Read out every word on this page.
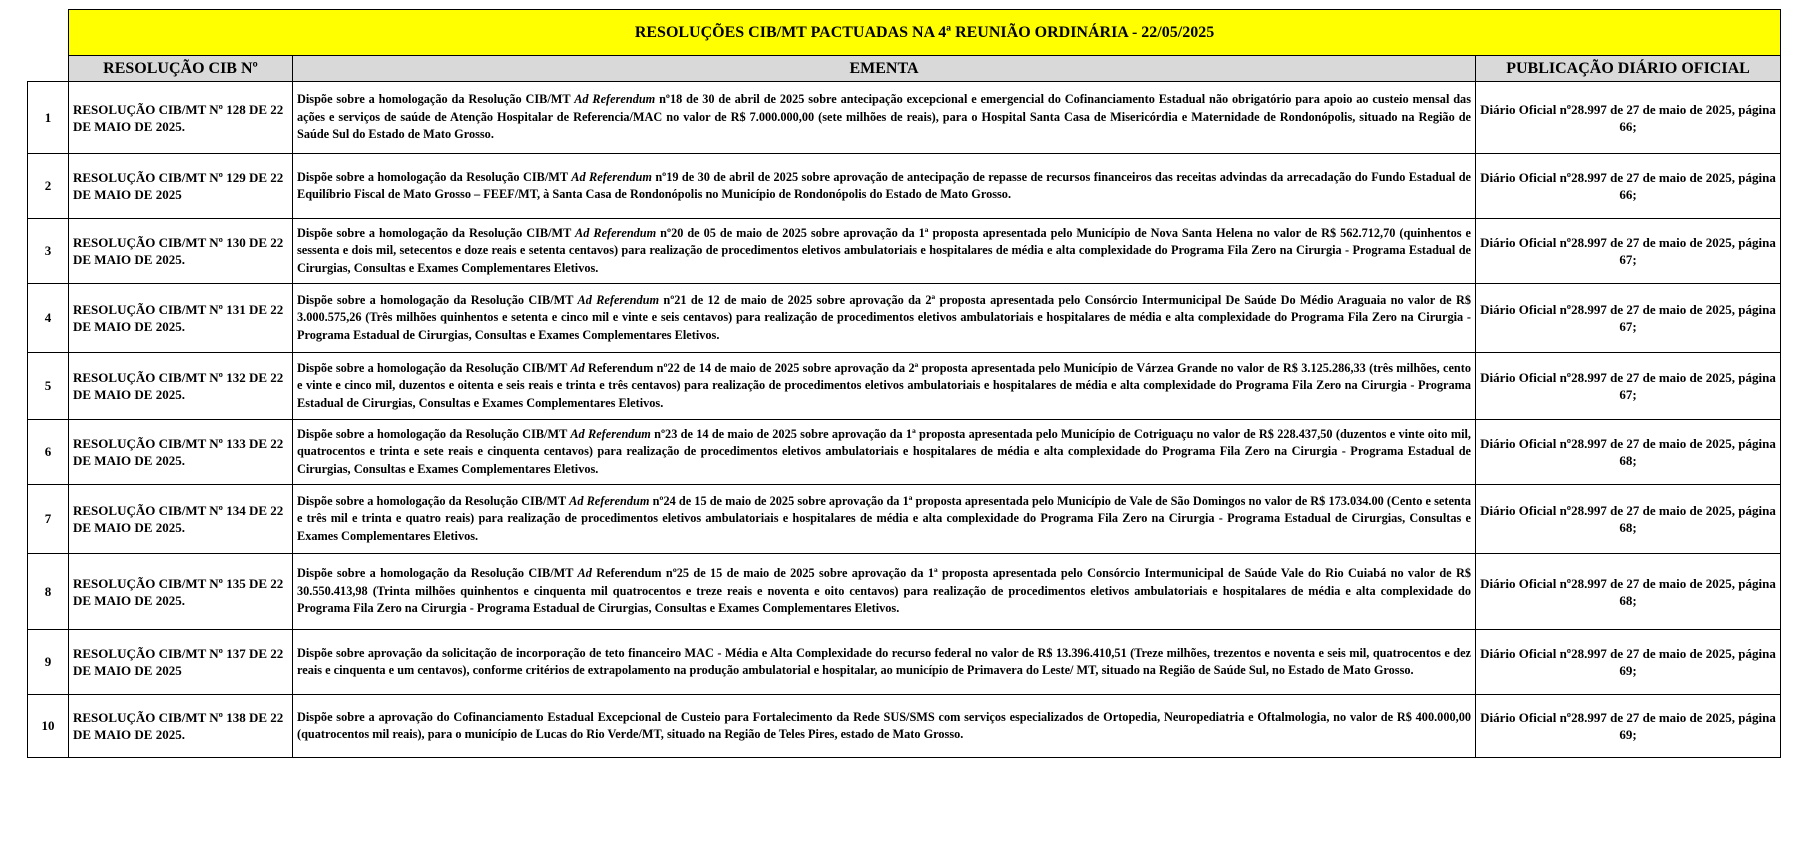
	RESOLUÇÕES CIB/MT PACTUADAS NA 4ª REUNIÃO ORDINÁRIA - 22/05/2025		
	RESOLUÇÃO CIB Nº	EMENTA	PUBLICAÇÃO DIÁRIO OFICIAL
1	RESOLUÇÃO CIB/MT Nº 128 DE 22 DE MAIO DE 2025.	Dispõe sobre a homologação da Resolução CIB/MT Ad Referendum nº18 de 30 de abril de 2025 sobre antecipação excepcional e emergencial do Cofinanciamento Estadual não obrigatório para apoio ao custeio mensal das ações e serviços de saúde de Atenção Hospitalar de Referencia/MAC no valor de R$ 7.000.000,00 (sete milhões de reais), para o Hospital Santa Casa de Misericórdia e Maternidade de Rondonópolis, situado na Região de Saúde Sul do Estado de Mato Grosso.	Diário Oficial nº28.997 de 27 de maio de 2025, página 66;
2	RESOLUÇÃO CIB/MT Nº 129 DE 22 DE MAIO DE 2025	Dispõe sobre a homologação da Resolução CIB/MT Ad Referendum nº19 de 30 de abril de 2025 sobre aprovação de antecipação de repasse de recursos financeiros das receitas advindas da arrecadação do Fundo Estadual de Equilíbrio Fiscal de Mato Grosso – FEEF/MT, à Santa Casa de Rondonópolis no Município de Rondonópolis do Estado de Mato Grosso.	Diário Oficial nº28.997 de 27 de maio de 2025, página 66;
3	RESOLUÇÃO CIB/MT Nº 130 DE 22 DE MAIO DE 2025.	Dispõe sobre a homologação da Resolução CIB/MT Ad Referendum nº20 de 05 de maio de 2025 sobre aprovação da 1ª proposta apresentada pelo Município de Nova Santa Helena no valor de R$ 562.712,70 (quinhentos e sessenta e dois mil, setecentos e doze reais e setenta centavos) para realização de procedimentos eletivos ambulatoriais e hospitalares de média e alta complexidade do Programa Fila Zero na Cirurgia - Programa Estadual de Cirurgias, Consultas e Exames Complementares Eletivos.	Diário Oficial nº28.997 de 27 de maio de 2025, página 67;
4	RESOLUÇÃO CIB/MT Nº 131 DE 22 DE MAIO DE 2025.	Dispõe sobre a homologação da Resolução CIB/MT Ad Referendum nº21 de 12 de maio de 2025 sobre aprovação da 2ª proposta apresentada pelo Consórcio Intermunicipal De Saúde Do Médio Araguaia no valor de R$ 3.000.575,26 (Três milhões quinhentos e setenta e cinco mil e vinte e seis centavos) para realização de procedimentos eletivos ambulatoriais e hospitalares de média e alta complexidade do Programa Fila Zero na Cirurgia - Programa Estadual de Cirurgias, Consultas e Exames Complementares Eletivos.	Diário Oficial nº28.997 de 27 de maio de 2025, página 67;
5	RESOLUÇÃO CIB/MT Nº 132 DE 22 DE MAIO DE 2025.	Dispõe sobre a homologação da Resolução CIB/MT Ad Referendum nº22 de 14 de maio de 2025 sobre aprovação da 2ª proposta apresentada pelo Município de Várzea Grande no valor de R$ 3.125.286,33 (três milhões, cento e vinte e cinco mil, duzentos e oitenta e seis reais e trinta e três centavos) para realização de procedimentos eletivos ambulatoriais e hospitalares de média e alta complexidade do Programa Fila Zero na Cirurgia - Programa Estadual de Cirurgias, Consultas e Exames Complementares Eletivos.	Diário Oficial nº28.997 de 27 de maio de 2025, página 67;
6	RESOLUÇÃO CIB/MT Nº 133 DE 22 DE MAIO DE 2025.	Dispõe sobre a homologação da Resolução CIB/MT Ad Referendum nº23 de 14 de maio de 2025 sobre aprovação da 1ª proposta apresentada pelo Município de Cotriguaçu no valor de R$ 228.437,50 (duzentos e vinte oito mil, quatrocentos e trinta e sete reais e cinquenta centavos) para realização de procedimentos eletivos ambulatoriais e hospitalares de média e alta complexidade do Programa Fila Zero na Cirurgia - Programa Estadual de Cirurgias, Consultas e Exames Complementares Eletivos.	Diário Oficial nº28.997 de 27 de maio de 2025, página 68;
7	RESOLUÇÃO CIB/MT Nº 134 DE 22 DE MAIO DE 2025.	Dispõe sobre a homologação da Resolução CIB/MT Ad Referendum nº24 de 15 de maio de 2025 sobre aprovação da 1ª proposta apresentada pelo Município de Vale de São Domingos no valor de R$ 173.034.00 (Cento e setenta e três mil e trinta e quatro reais) para realização de procedimentos eletivos ambulatoriais e hospitalares de média e alta complexidade do Programa Fila Zero na Cirurgia - Programa Estadual de Cirurgias, Consultas e Exames Complementares Eletivos.	Diário Oficial nº28.997 de 27 de maio de 2025, página 68;
8	RESOLUÇÃO CIB/MT Nº 135 DE 22 DE MAIO DE 2025.	Dispõe sobre a homologação da Resolução CIB/MT Ad Referendum nº25 de 15 de maio de 2025 sobre aprovação da 1ª proposta apresentada pelo Consórcio Intermunicipal de Saúde Vale do Rio Cuiabá no valor de R$ 30.550.413,98 (Trinta milhões quinhentos e cinquenta mil quatrocentos e treze reais e noventa e oito centavos) para realização de procedimentos eletivos ambulatoriais e hospitalares de média e alta complexidade do Programa Fila Zero na Cirurgia - Programa Estadual de Cirurgias, Consultas e Exames Complementares Eletivos.	Diário Oficial nº28.997 de 27 de maio de 2025, página 68;
9	RESOLUÇÃO CIB/MT Nº 137 DE 22 DE MAIO DE 2025	Dispõe sobre aprovação da solicitação de incorporação de teto financeiro MAC - Média e Alta Complexidade do recurso federal no valor de R$ 13.396.410,51 (Treze milhões, trezentos e noventa e seis mil, quatrocentos e dez reais e cinquenta e um centavos), conforme critérios de extrapolamento na produção ambulatorial e hospitalar, ao município de Primavera do Leste/ MT, situado na Região de Saúde Sul, no Estado de Mato Grosso.	Diário Oficial nº28.997 de 27 de maio de 2025, página 69;
10	RESOLUÇÃO CIB/MT Nº 138 DE 22 DE MAIO DE 2025.	Dispõe sobre a aprovação do Cofinanciamento Estadual Excepcional de Custeio para Fortalecimento da Rede SUS/SMS com serviços especializados de Ortopedia, Neuropediatria e Oftalmologia, no valor de R$ 400.000,00 (quatrocentos mil reais), para o município de Lucas do Rio Verde/MT, situado na Região de Teles Pires, estado de Mato Grosso.	Diário Oficial nº28.997 de 27 de maio de 2025, página 69;
